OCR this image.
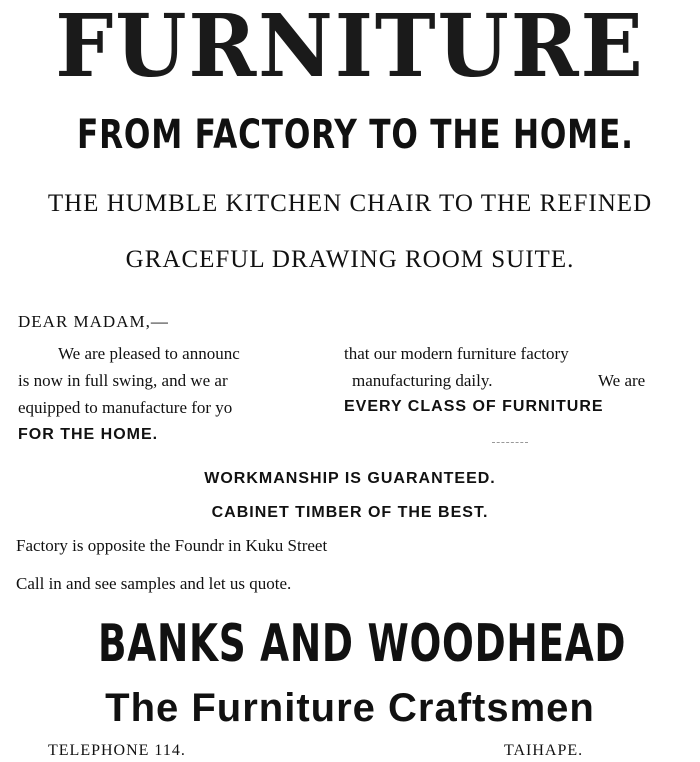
FURNITURE
FROM FACTORY TO THE HOME.
THE HUMBLE KITCHEN CHAIR TO THE REFINED
GRACEFUL DRAWING ROOM SUITE.
DEAR MADAM,—
We are pleased to announc	that our modern furniture factory
is now in full swing, and we ar	manufacturing daily.	We are
equipped to manufacture for yo	EVERY CLASS OF FURNITURE
FOR THE HOME.
WORKMANSHIP IS GUARANTEED.
CABINET TIMBER OF THE BEST.
Factory is opposite the Foundr in Kuku Street
Call in and see samples and let us quote.
BANKS AND WOODHEAD
The Furniture Craftsmen
TELEPHONE 114.	TAIHAPE.
